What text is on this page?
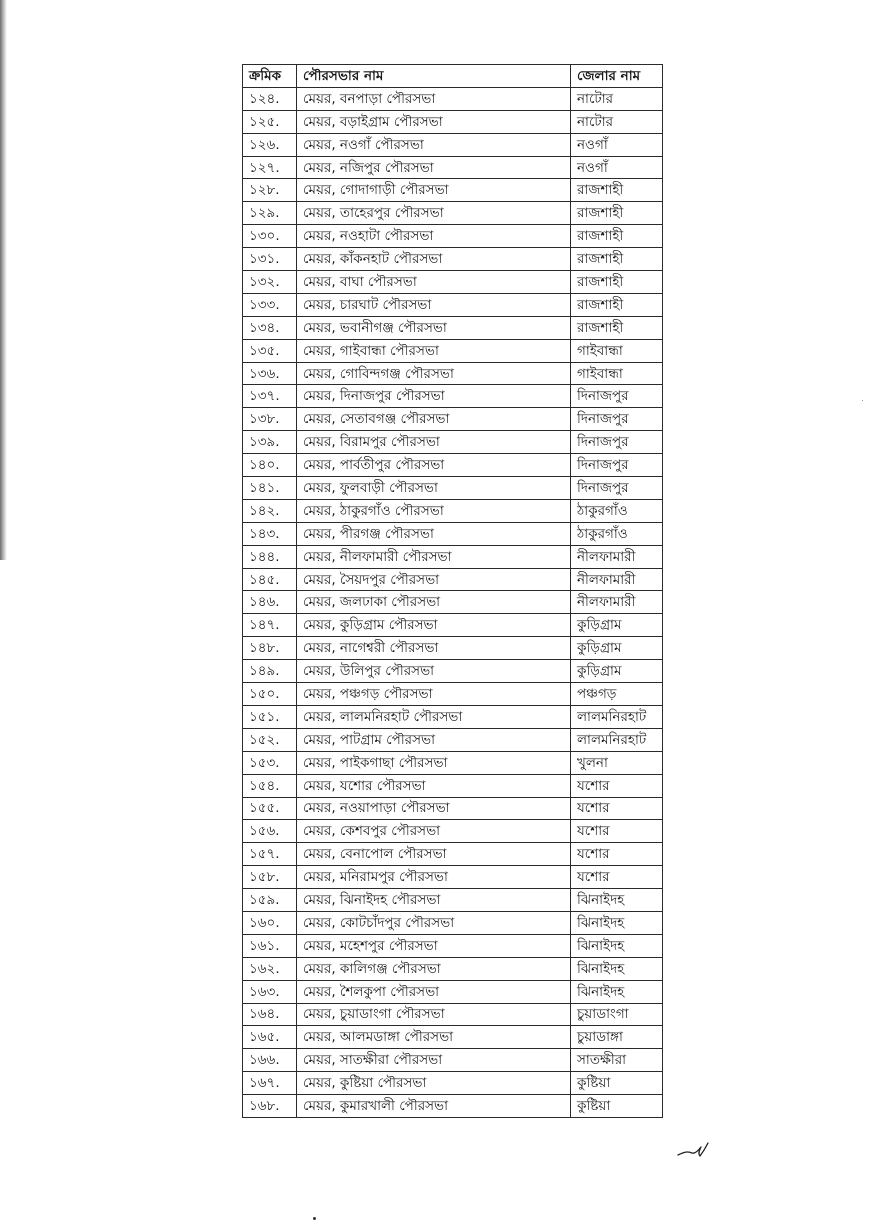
ক্রমিক	পৌরসভার নাম	জেলার নাম
১২৪.	মেয়র, বনপাড়া পৌরসভা	নাটোর
১২৫.	মেয়র, বড়াইগ্রাম পৌরসভা	নাটোর
১২৬.	মেয়র, নওগাঁ পৌরসভা	নওগাঁ
১২৭.	মেয়র, নজিপুর পৌরসভা	নওগাঁ
১২৮.	মেয়র, গোদাগাড়ী পৌরসভা	রাজশাহী
১২৯.	মেয়র, তাহেরপুর পৌরসভা	রাজশাহী
১৩০.	মেয়র, নওহাটা পৌরসভা	রাজশাহী
১৩১.	মেয়র, কাঁকনহাট পৌরসভা	রাজশাহী
১৩২.	মেয়র, বাঘা পৌরসভা	রাজশাহী
১৩৩.	মেয়র, চারঘাট পৌরসভা	রাজশাহী
১৩৪.	মেয়র, ভবানীগঞ্জ পৌরসভা	রাজশাহী
১৩৫.	মেয়র, গাইবান্ধা পৌরসভা	গাইবান্ধা
১৩৬.	মেয়র, গোবিন্দগঞ্জ পৌরসভা	গাইবান্ধা
১৩৭.	মেয়র, দিনাজপুর পৌরসভা	দিনাজপুর
১৩৮.	মেয়র, সেতাবগঞ্জ পৌরসভা	দিনাজপুর
১৩৯.	মেয়র, বিরামপুর পৌরসভা	দিনাজপুর
১৪০.	মেয়র, পার্বতীপুর পৌরসভা	দিনাজপুর
১৪১.	মেয়র, ফুলবাড়ী পৌরসভা	দিনাজপুর
১৪২.	মেয়র, ঠাকুরগাঁও পৌরসভা	ঠাকুরগাঁও
১৪৩.	মেয়র, পীরগঞ্জ পৌরসভা	ঠাকুরগাঁও
১৪৪.	মেয়র, নীলফামারী পৌরসভা	নীলফামারী
১৪৫.	মেয়র, সৈয়দপুর পৌরসভা	নীলফামারী
১৪৬.	মেয়র, জলঢাকা পৌরসভা	নীলফামারী
১৪৭.	মেয়র, কুড়িগ্রাম পৌরসভা	কুড়িগ্রাম
১৪৮.	মেয়র, নাগেশ্বরী পৌরসভা	কুড়িগ্রাম
১৪৯.	মেয়র, উলিপুর পৌরসভা	কুড়িগ্রাম
১৫০.	মেয়র, পঞ্চগড় পৌরসভা	পঞ্চগড়
১৫১.	মেয়র, লালমনিরহাট পৌরসভা	লালমনিরহাট
১৫২.	মেয়র, পাটগ্রাম পৌরসভা	লালমনিরহাট
১৫৩.	মেয়র, পাইকগাছা পৌরসভা	খুলনা
১৫৪.	মেয়র, যশোর পৌরসভা	যশোর
১৫৫.	মেয়র, নওয়াপাড়া পৌরসভা	যশোর
১৫৬.	মেয়র, কেশবপুর পৌরসভা	যশোর
১৫৭.	মেয়র, বেনাপোল পৌরসভা	যশোর
১৫৮.	মেয়র, মনিরামপুর পৌরসভা	যশোর
১৫৯.	মেয়র, ঝিনাইদহ পৌরসভা	ঝিনাইদহ
১৬০.	মেয়র, কোটচাঁদপুর পৌরসভা	ঝিনাইদহ
১৬১.	মেয়র, মহেশপুর পৌরসভা	ঝিনাইদহ
১৬২.	মেয়র, কালিগঞ্জ পৌরসভা	ঝিনাইদহ
১৬৩.	মেয়র, শৈলকুপা পৌরসভা	ঝিনাইদহ
১৬৪.	মেয়র, চুয়াডাংগা পৌরসভা	চুয়াডাংগা
১৬৫.	মেয়র, আলমডাঙ্গা পৌরসভা	চুয়াডাঙ্গা
১৬৬.	মেয়র, সাতক্ষীরা পৌরসভা	সাতক্ষীরা
১৬৭.	মেয়র, কুষ্টিয়া পৌরসভা	কুষ্টিয়া
১৬৮.	মেয়র, কুমারখালী পৌরসভা	কুষ্টিয়া
